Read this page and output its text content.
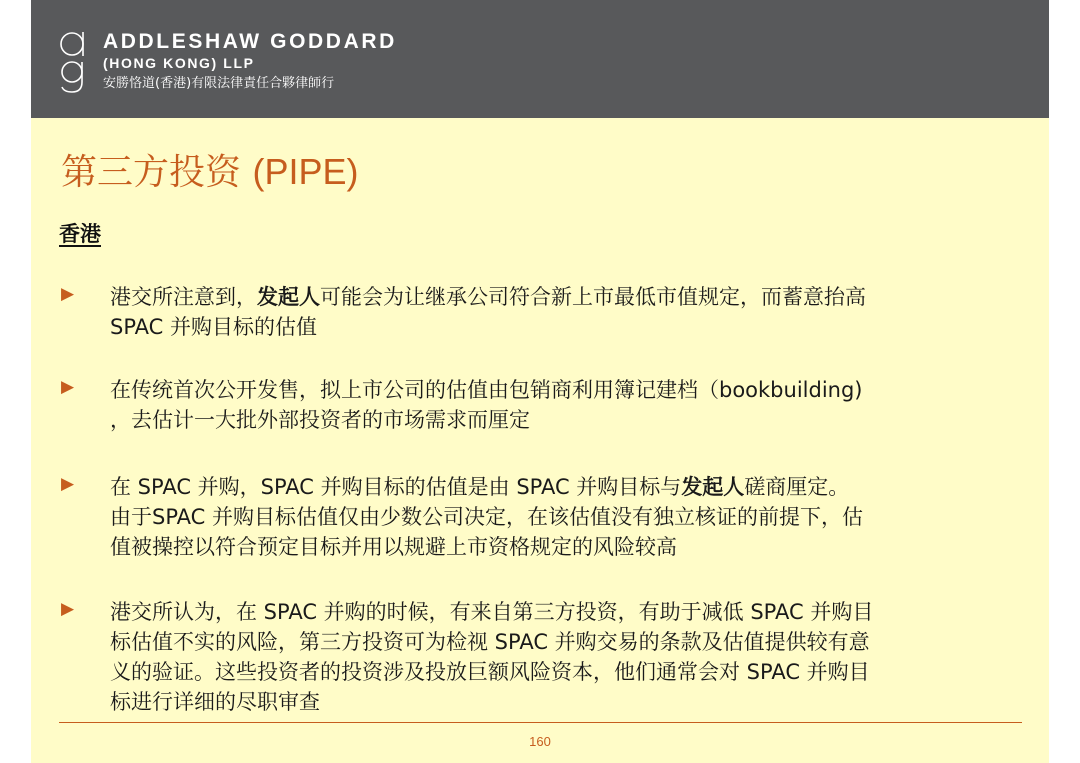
ADDLESHAW GODDARD
(HONG KONG) LLP
安勝恪道(香港)有限法律責任合夥律師行
第三方投资 (PIPE)
香港
▶ 港交所注意到，发起人可能会为让继承公司符合新上市最低市值规定，而蓄意抬高
SPAC 并购目标的估值
▶ 在传统首次公开发售，拟上市公司的估值由包销商利用簿记建档（bookbuilding)
，去估计一大批外部投资者的市场需求而厘定
▶ 在 SPAC 并购，SPAC 并购目标的估值是由 SPAC 并购目标与发起人磋商厘定。
由于SPAC 并购目标估值仅由少数公司决定，在该估值没有独立核证的前提下，估
值被操控以符合预定目标并用以规避上市资格规定的风险较高
▶ 港交所认为，在 SPAC 并购的时候，有来自第三方投资，有助于减低 SPAC 并购目
标估值不实的风险，第三方投资可为检视 SPAC 并购交易的条款及估值提供较有意
义的验证。这些投资者的投资涉及投放巨额风险资本，他们通常会对 SPAC 并购目
标进行详细的尽职审查
160
